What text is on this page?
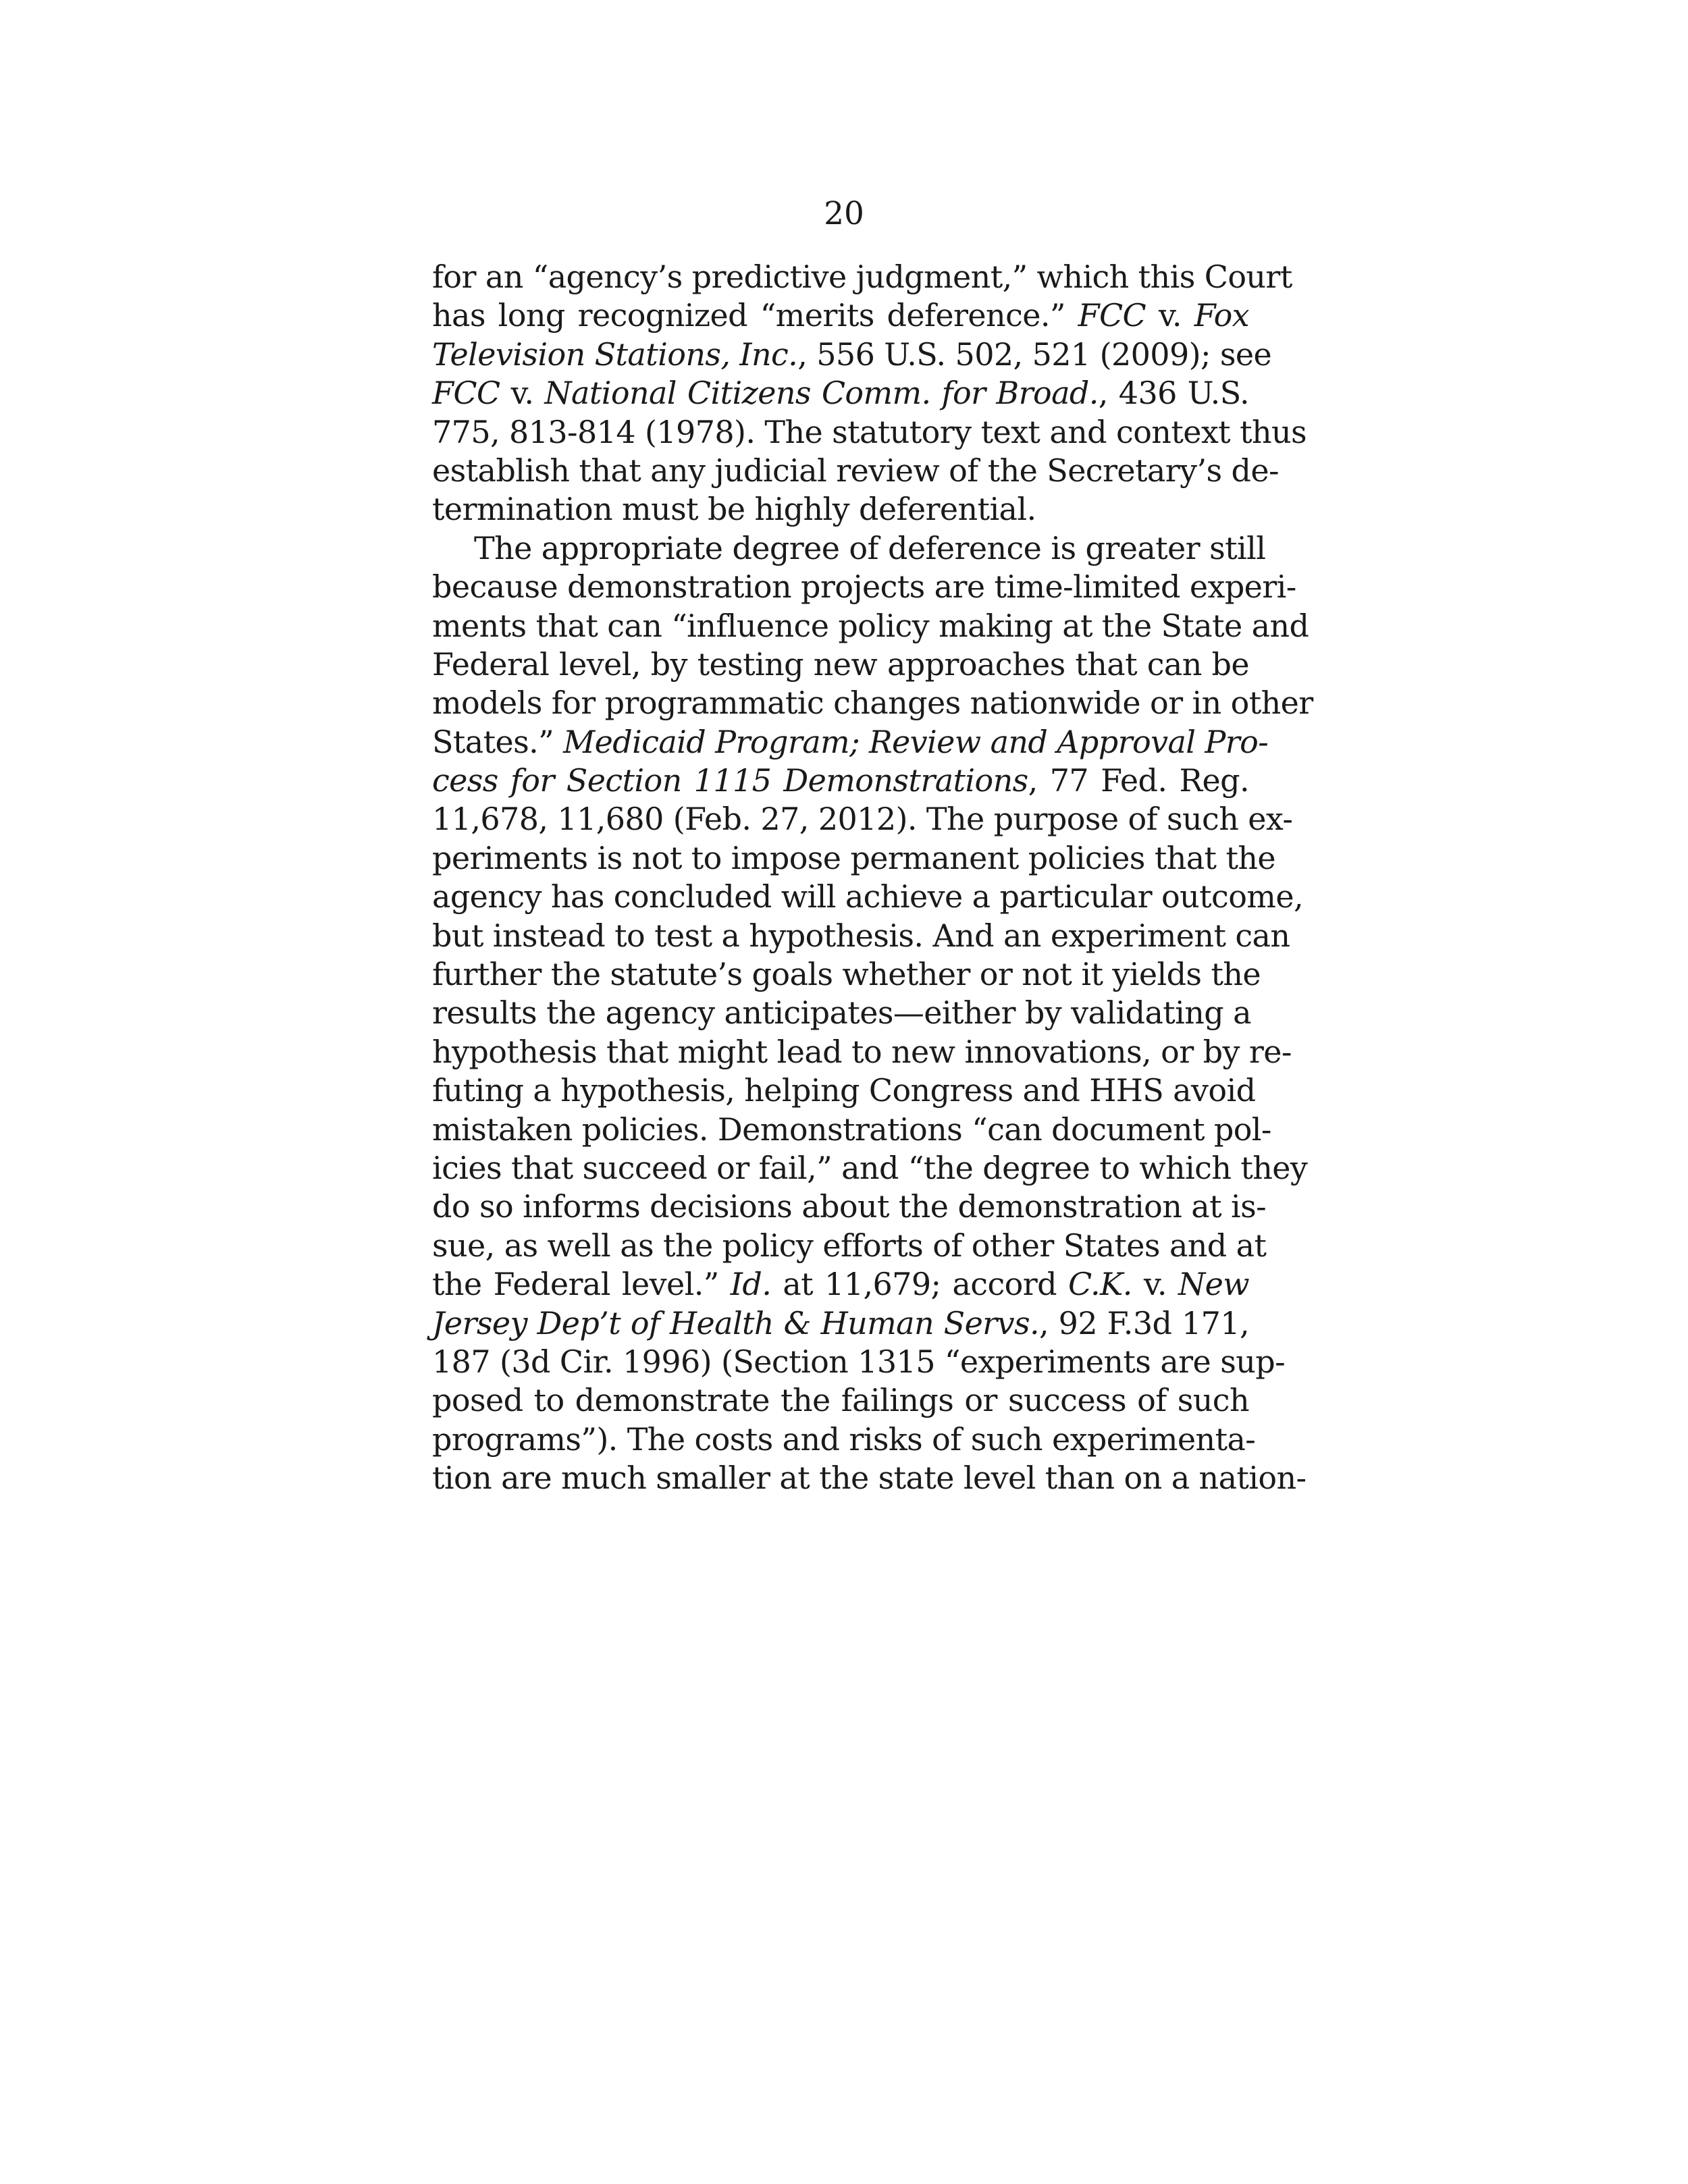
20
for an “agency’s predictive judgment,” which this Court
has long recognized “merits deference.” FCC v. Fox
Television Stations, Inc., 556 U.S. 502, 521 (2009); see
FCC v. National Citizens Comm. for Broad., 436 U.S.
775, 813-814 (1978). The statutory text and context thus
establish that any judicial review of the Secretary’s de-
termination must be highly deferential.
The appropriate degree of deference is greater still
because demonstration projects are time-limited experi-
ments that can “influence policy making at the State and
Federal level, by testing new approaches that can be
models for programmatic changes nationwide or in other
States.” Medicaid Program; Review and Approval Pro-
cess for Section 1115 Demonstrations, 77 Fed. Reg.
11,678, 11,680 (Feb. 27, 2012). The purpose of such ex-
periments is not to impose permanent policies that the
agency has concluded will achieve a particular outcome,
but instead to test a hypothesis. And an experiment can
further the statute’s goals whether or not it yields the
results the agency anticipates—either by validating a
hypothesis that might lead to new innovations, or by re-
futing a hypothesis, helping Congress and HHS avoid
mistaken policies. Demonstrations “can document pol-
icies that succeed or fail,” and “the degree to which they
do so informs decisions about the demonstration at is-
sue, as well as the policy efforts of other States and at
the Federal level.” Id. at 11,679; accord C.K. v. New
Jersey Dep’t of Health & Human Servs., 92 F.3d 171,
187 (3d Cir. 1996) (Section 1315 “experiments are sup-
posed to demonstrate the failings or success of such
programs”). The costs and risks of such experimenta-
tion are much smaller at the state level than on a nation-
